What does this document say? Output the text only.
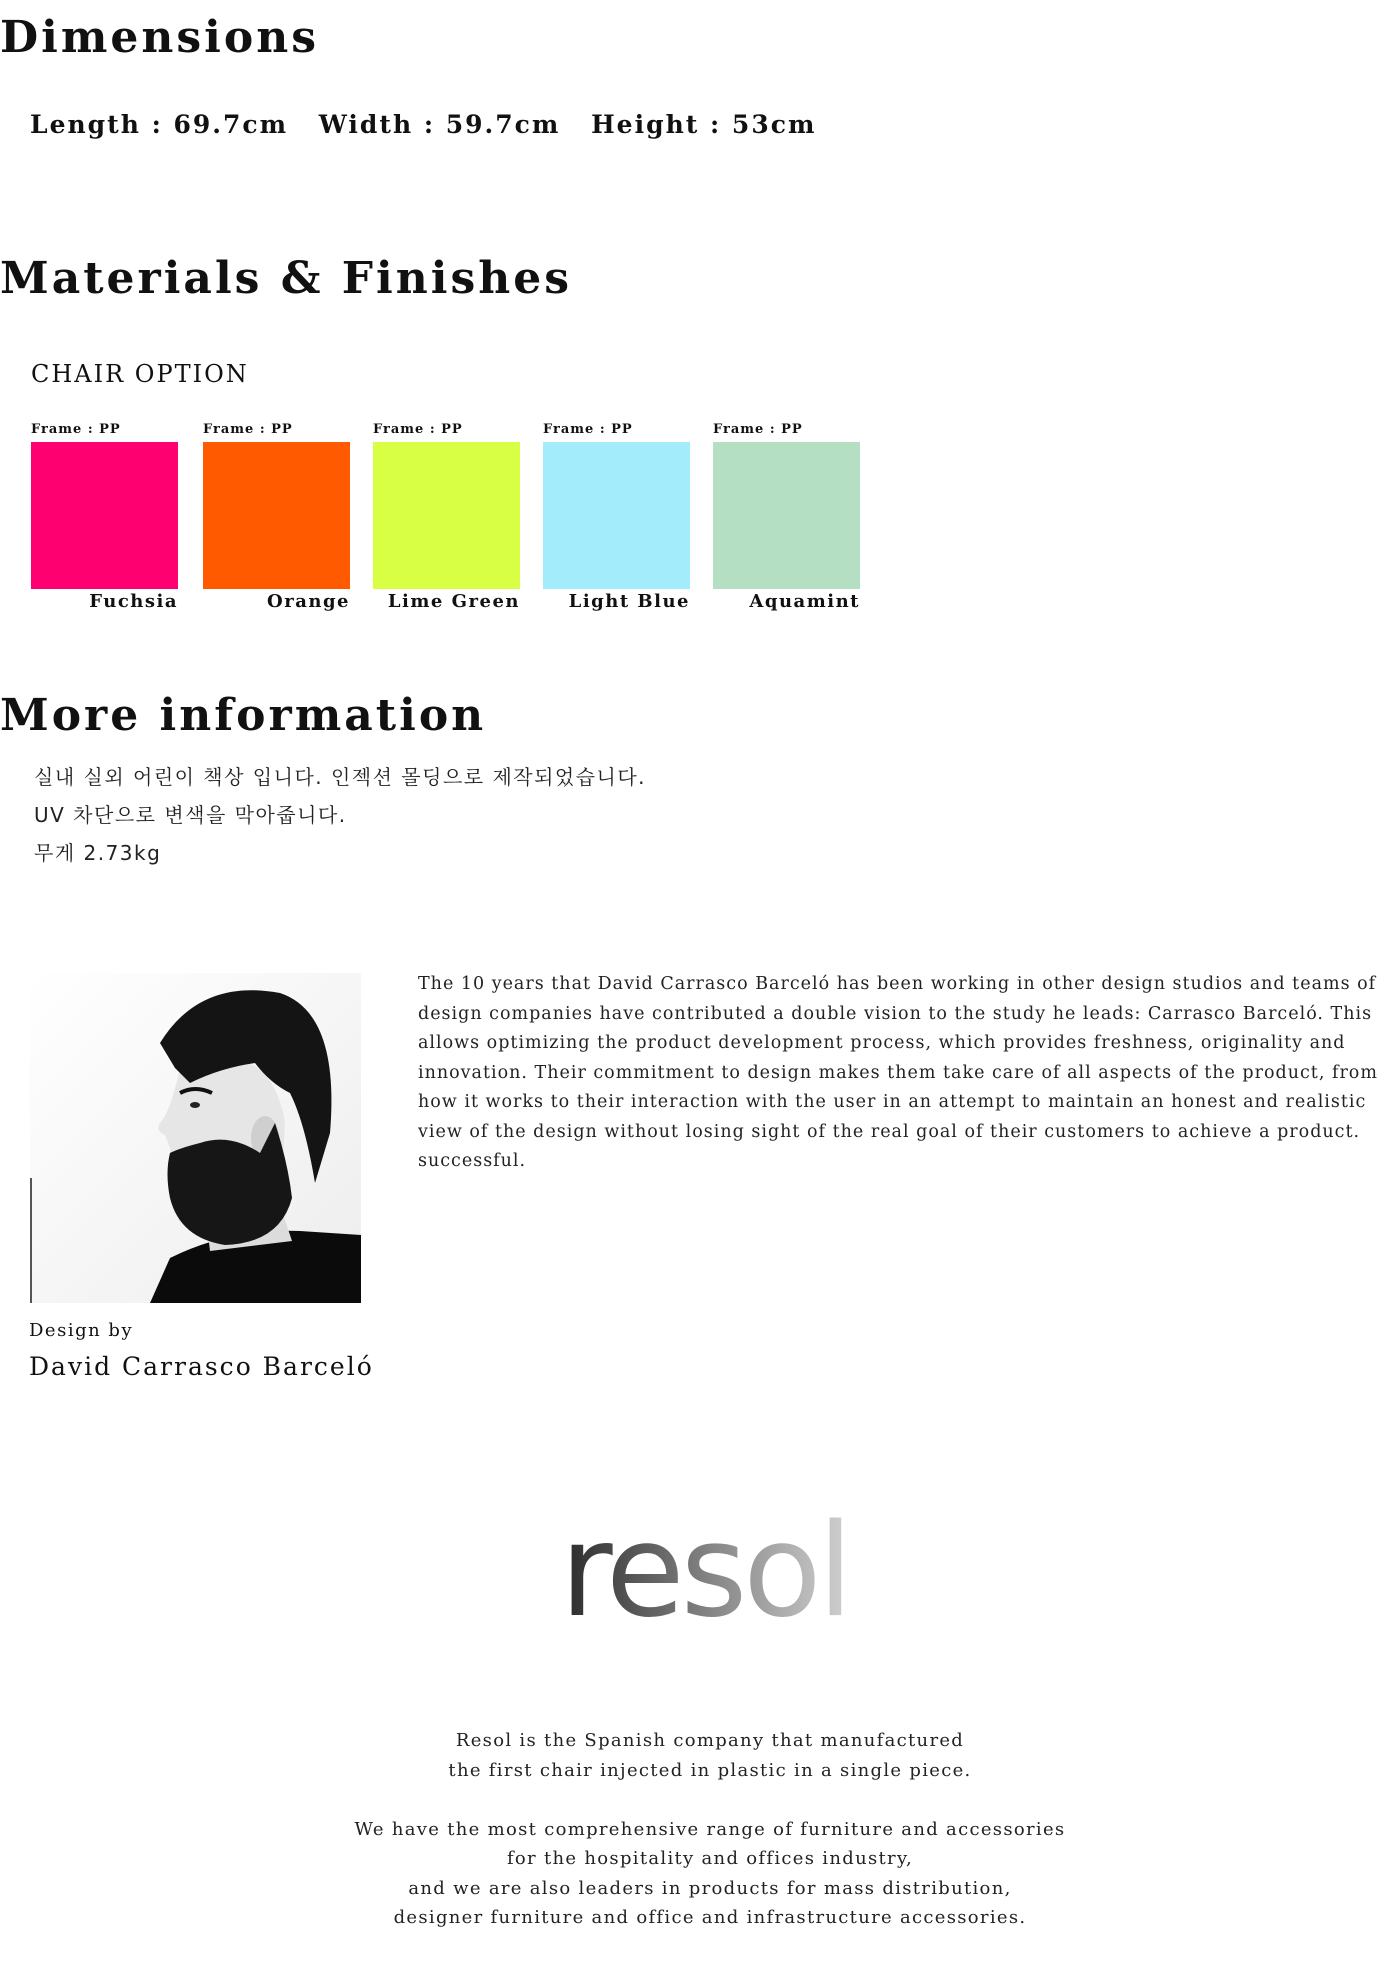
Dimensions
Length : 69.7cm Width : 59.7cm Height : 53cm
Materials & Finishes
CHAIR OPTION
Frame : PP
Fuchsia
Frame : PP
Orange
Frame : PP
Lime Green
Frame : PP
Light Blue
Frame : PP
Aquamint
More information
실내 실외 어린이 책상 입니다. 인젝션 몰딩으로 제작되었습니다.
UV 차단으로 변색을 막아줍니다.
무게 2.73kg
The 10 years that David Carrasco Barceló has been working in other design studios and teams of design companies have contributed a double vision to the study he leads: Carrasco Barceló. This allows optimizing the product development process, which provides freshness, originality and innovation. Their commitment to design makes them take care of all aspects of the product, from how it works to their interaction with the user in an attempt to maintain an honest and realistic view of the design without losing sight of the real goal of their customers to achieve a product. successful.
Design by
David Carrasco Barceló
resol

Resol is the Spanish company that manufactured
the first chair injected in plastic in a single piece.

We have the most comprehensive range of furniture and accessories
for the hospitality and offices industry,
and we are also leaders in products for mass distribution,
designer furniture and office and infrastructure accessories.
